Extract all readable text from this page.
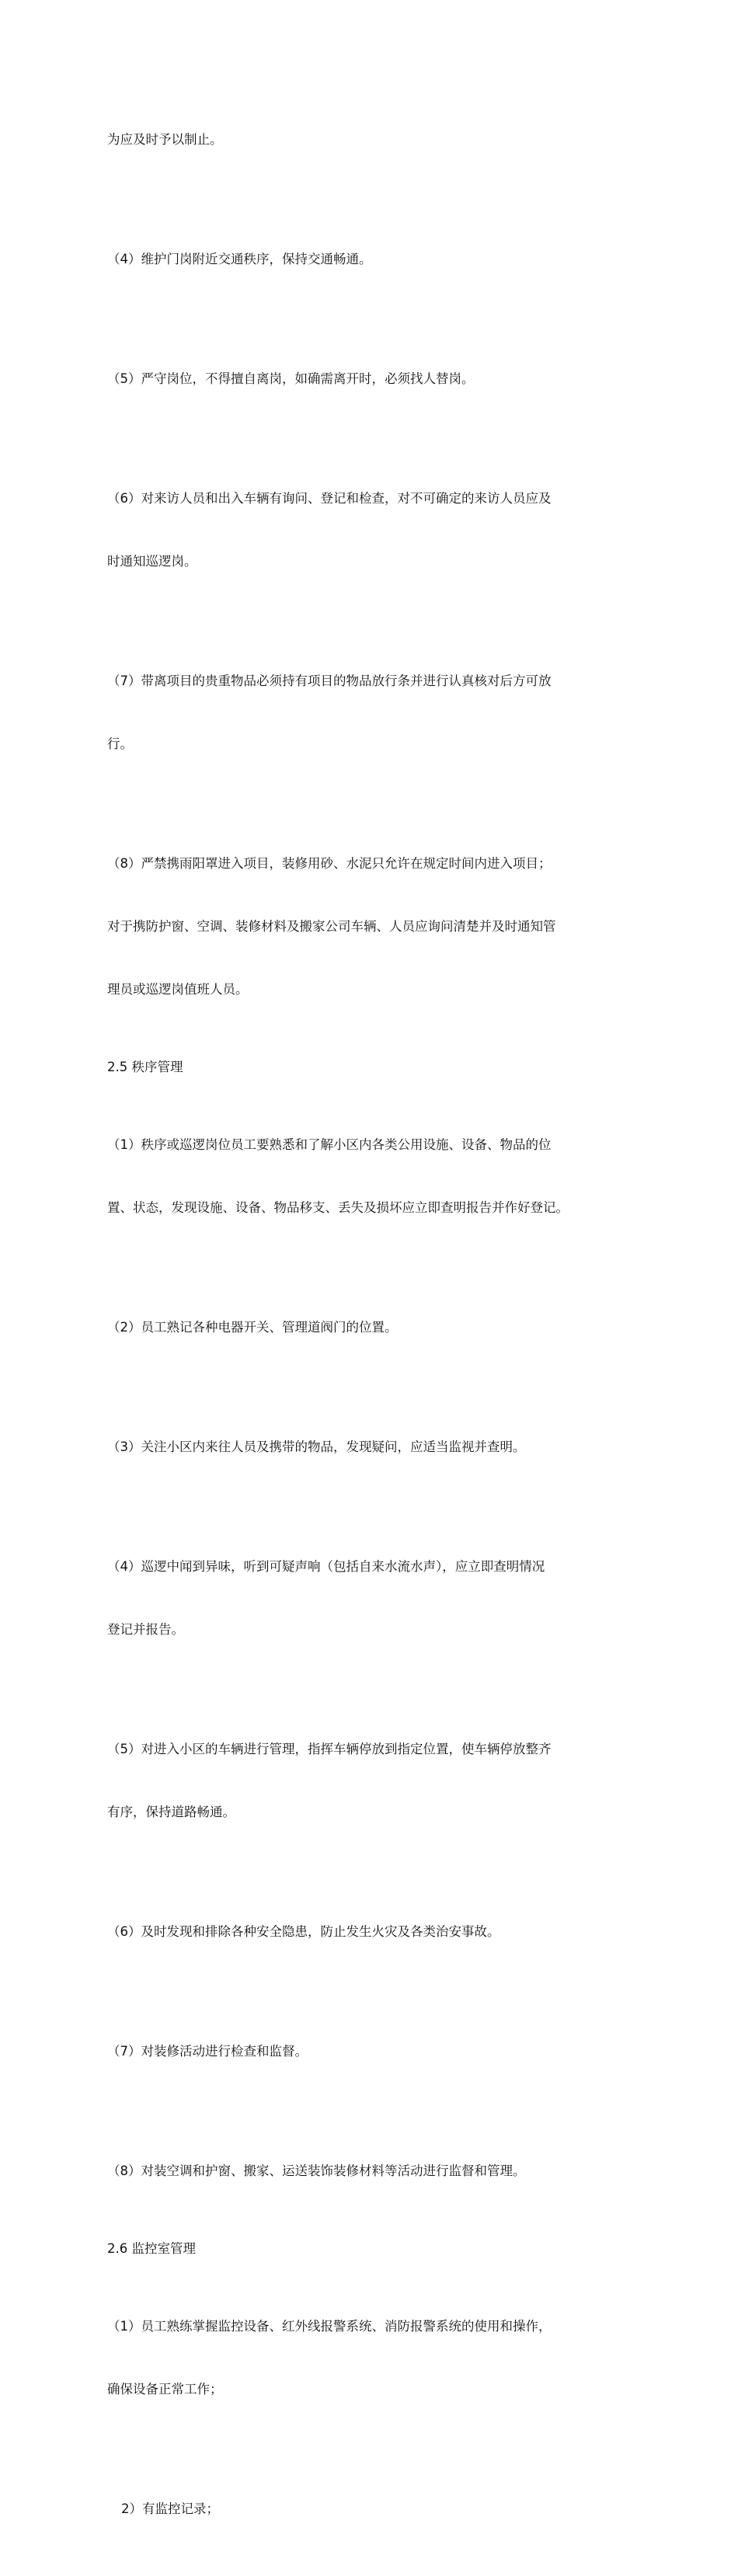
为应及时予以制止。

（4）维护门岗附近交通秩序，保持交通畅通。

（5）严守岗位，不得擅自离岗，如确需离开时，必须找人替岗。

（6）对来访人员和出入车辆有询问、登记和检查，对不可确定的来访人员应及

时通知巡逻岗。

（7）带离项目的贵重物品必须持有项目的物品放行条并进行认真核对后方可放

行。

（8）严禁携雨阳罩进入项目，装修用砂、水泥只允许在规定时间内进入项目；

对于携防护窗、空调、装修材料及搬家公司车辆、人员应询问清楚并及时通知管

理员或巡逻岗值班人员。

2.5 秩序管理

（1）秩序或巡逻岗位员工要熟悉和了解小区内各类公用设施、设备、物品的位

置、状态，发现设施、设备、物品移支、丢失及损坏应立即查明报告并作好登记。

（2）员工熟记各种电器开关、管理道阀门的位置。

（3）关注小区内来往人员及携带的物品，发现疑问，应适当监视并查明。

（4）巡逻中闻到异味，听到可疑声响（包括自来水流水声），应立即查明情况

登记并报告。

（5）对进入小区的车辆进行管理，指挥车辆停放到指定位置，使车辆停放整齐

有序，保持道路畅通。

（6）及时发现和排除各种安全隐患，防止发生火灾及各类治安事故。

（7）对装修活动进行检查和监督。

（8）对装空调和护窗、搬家、运送装饰装修材料等活动进行监督和管理。

2.6 监控室管理

（1）员工熟练掌握监控设备、红外线报警系统、消防报警系统的使用和操作，

确保设备正常工作；

2）有监控记录；
